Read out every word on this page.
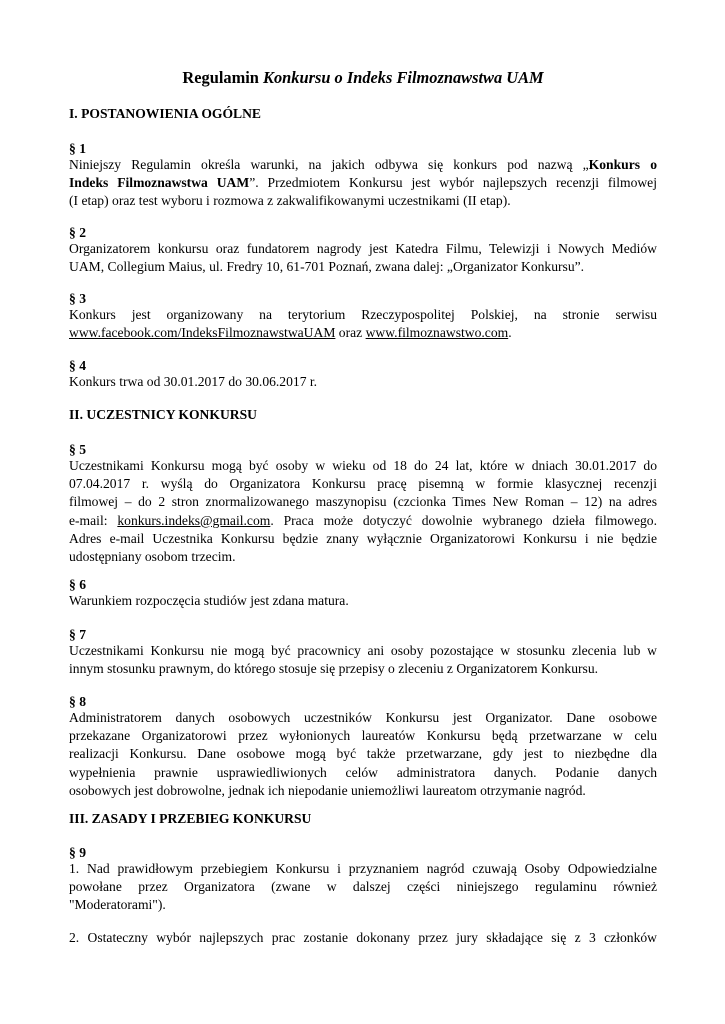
Regulamin Konkursu o Indeks Filmoznawstwa UAM
I. POSTANOWIENIA OGÓLNE
§ 1
Niniejszy Regulamin określa warunki, na jakich odbywa się konkurs pod nazwą „Konkurs o
Indeks Filmoznawstwa UAM”. Przedmiotem Konkursu jest wybór najlepszych recenzji filmowej
(I etap) oraz test wyboru i rozmowa z zakwalifikowanymi uczestnikami (II etap).
§ 2
Organizatorem konkursu oraz fundatorem nagrody jest Katedra Filmu, Telewizji i Nowych Mediów
UAM, Collegium Maius, ul. Fredry 10, 61-701 Poznań, zwana dalej: „Organizator Konkursu”.
§ 3
Konkurs jest organizowany na terytorium Rzeczypospolitej Polskiej, na stronie serwisu
www.facebook.com/IndeksFilmoznawstwaUAM oraz www.filmoznawstwo.com.
§ 4
Konkurs trwa od 30.01.2017 do 30.06.2017 r.
II. UCZESTNICY KONKURSU
§ 5
Uczestnikami Konkursu mogą być osoby w wieku od 18 do 24 lat, które w dniach 30.01.2017 do
07.04.2017 r. wyślą do Organizatora Konkursu pracę pisemną w formie klasycznej recenzji
filmowej – do 2 stron znormalizowanego maszynopisu (czcionka Times New Roman – 12) na adres
e-mail: konkurs.indeks@gmail.com. Praca może dotyczyć dowolnie wybranego dzieła filmowego.
Adres e-mail Uczestnika Konkursu będzie znany wyłącznie Organizatorowi Konkursu i nie będzie
udostępniany osobom trzecim.
§ 6
Warunkiem rozpoczęcia studiów jest zdana matura.
§ 7
Uczestnikami Konkursu nie mogą być pracownicy ani osoby pozostające w stosunku zlecenia lub w
innym stosunku prawnym, do którego stosuje się przepisy o zleceniu z Organizatorem Konkursu.
§ 8
Administratorem danych osobowych uczestników Konkursu jest Organizator. Dane osobowe
przekazane Organizatorowi przez wyłonionych laureatów Konkursu będą przetwarzane w celu
realizacji Konkursu. Dane osobowe mogą być także przetwarzane, gdy jest to niezbędne dla
wypełnienia prawnie usprawiedliwionych celów administratora danych. Podanie danych
osobowych jest dobrowolne, jednak ich niepodanie uniemożliwi laureatom otrzymanie nagród.
III. ZASADY I PRZEBIEG KONKURSU
§ 9
1. Nad prawidłowym przebiegiem Konkursu i przyznaniem nagród czuwają Osoby Odpowiedzialne
powołane przez Organizatora (zwane w dalszej części niniejszego regulaminu również
"Moderatorami").
2. Ostateczny wybór najlepszych prac zostanie dokonany przez jury składające się z 3 członków
